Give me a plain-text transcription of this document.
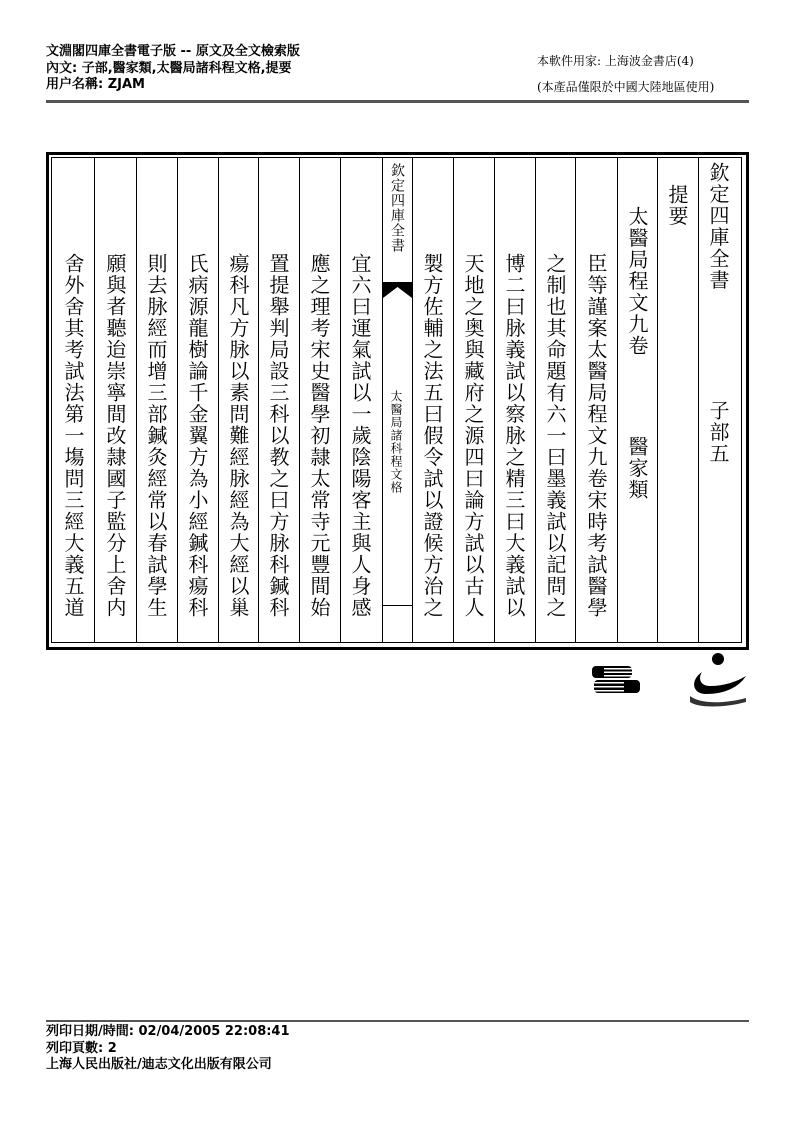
文淵閣四庫全書電子版 -- 原文及全文檢索版
內文: 子部,醫家類,太醫局諸科程文格,提要
用户名稱: ZJAM
本軟件用家: 上海波金書店(4)
(本產品僅限於中國大陸地區使用)
欽定四庫全書
子部五
提要
太醫局程文九卷
醫家類
臣等謹案太醫局程文九卷宋時考試醫學
之制也其命題有六一曰墨義試以記問之
博二曰脉義試以察脉之精三曰大義試以
天地之奥與藏府之源四曰論方試以古人
製方佐輔之法五曰假令試以證候方治之
欽定四庫全書
太醫局諸科程文格
宜六曰運氣試以一歲陰陽客主與人身感
應之理考宋史醫學初隷太常寺元豐間始
置提舉判局設三科以教之曰方脉科鍼科
瘍科凡方脉以素問難經脉經為大經以巢
氏病源龍樹論千金翼方為小經鍼科瘍科
則去脉經而增三部鍼灸經常以春試學生
願與者聽迨崇寧間改隷國子監分上舍内
舍外舍其考試法第一塲問三經大義五道
列印日期/時間: 02/04/2005 22:08:41
列印頁數: 2
上海人民出版社/迪志文化出版有限公司
